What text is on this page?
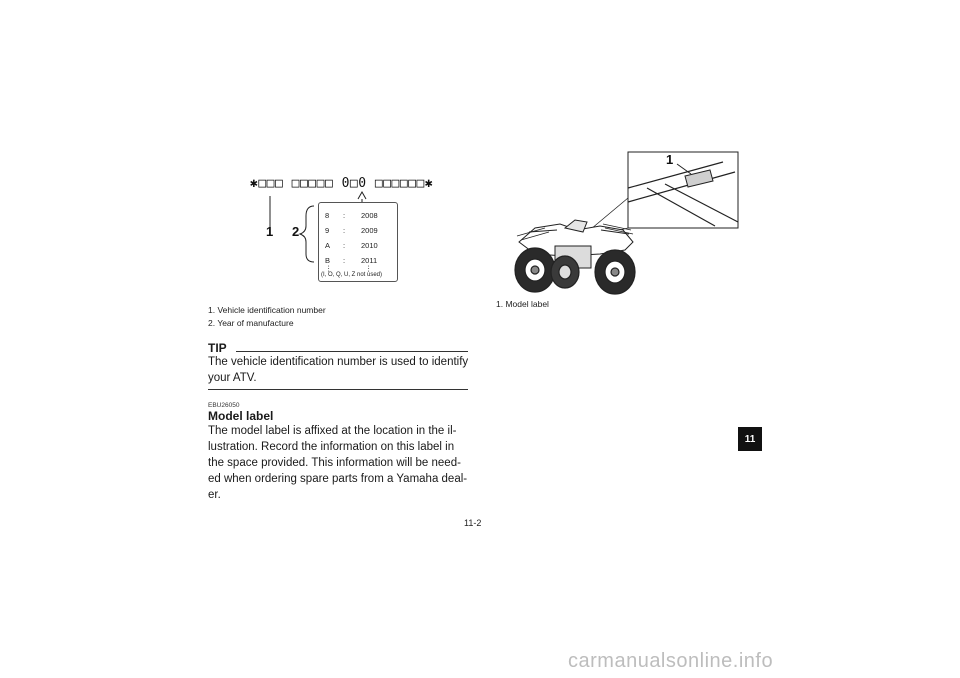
✱□□□ □□□□□ 0□0 □□□□□□✱
1 2
8 : 2008
9 : 2009
A : 2010
B : 2011
⋮	⋮
(I, O, Q, U, Z not used)
1. Vehicle identification number
2. Year of manufacture
TIP
The vehicle identification number is used to identify
your ATV.
EBU26050
Model label
The model label is affixed at the location in the il-
lustration. Record the information on this label in
the space provided. This information will be need-
ed when ordering spare parts from a Yamaha deal-
er.
1
1. Model label
11-2
11
carmanualsonline.info
